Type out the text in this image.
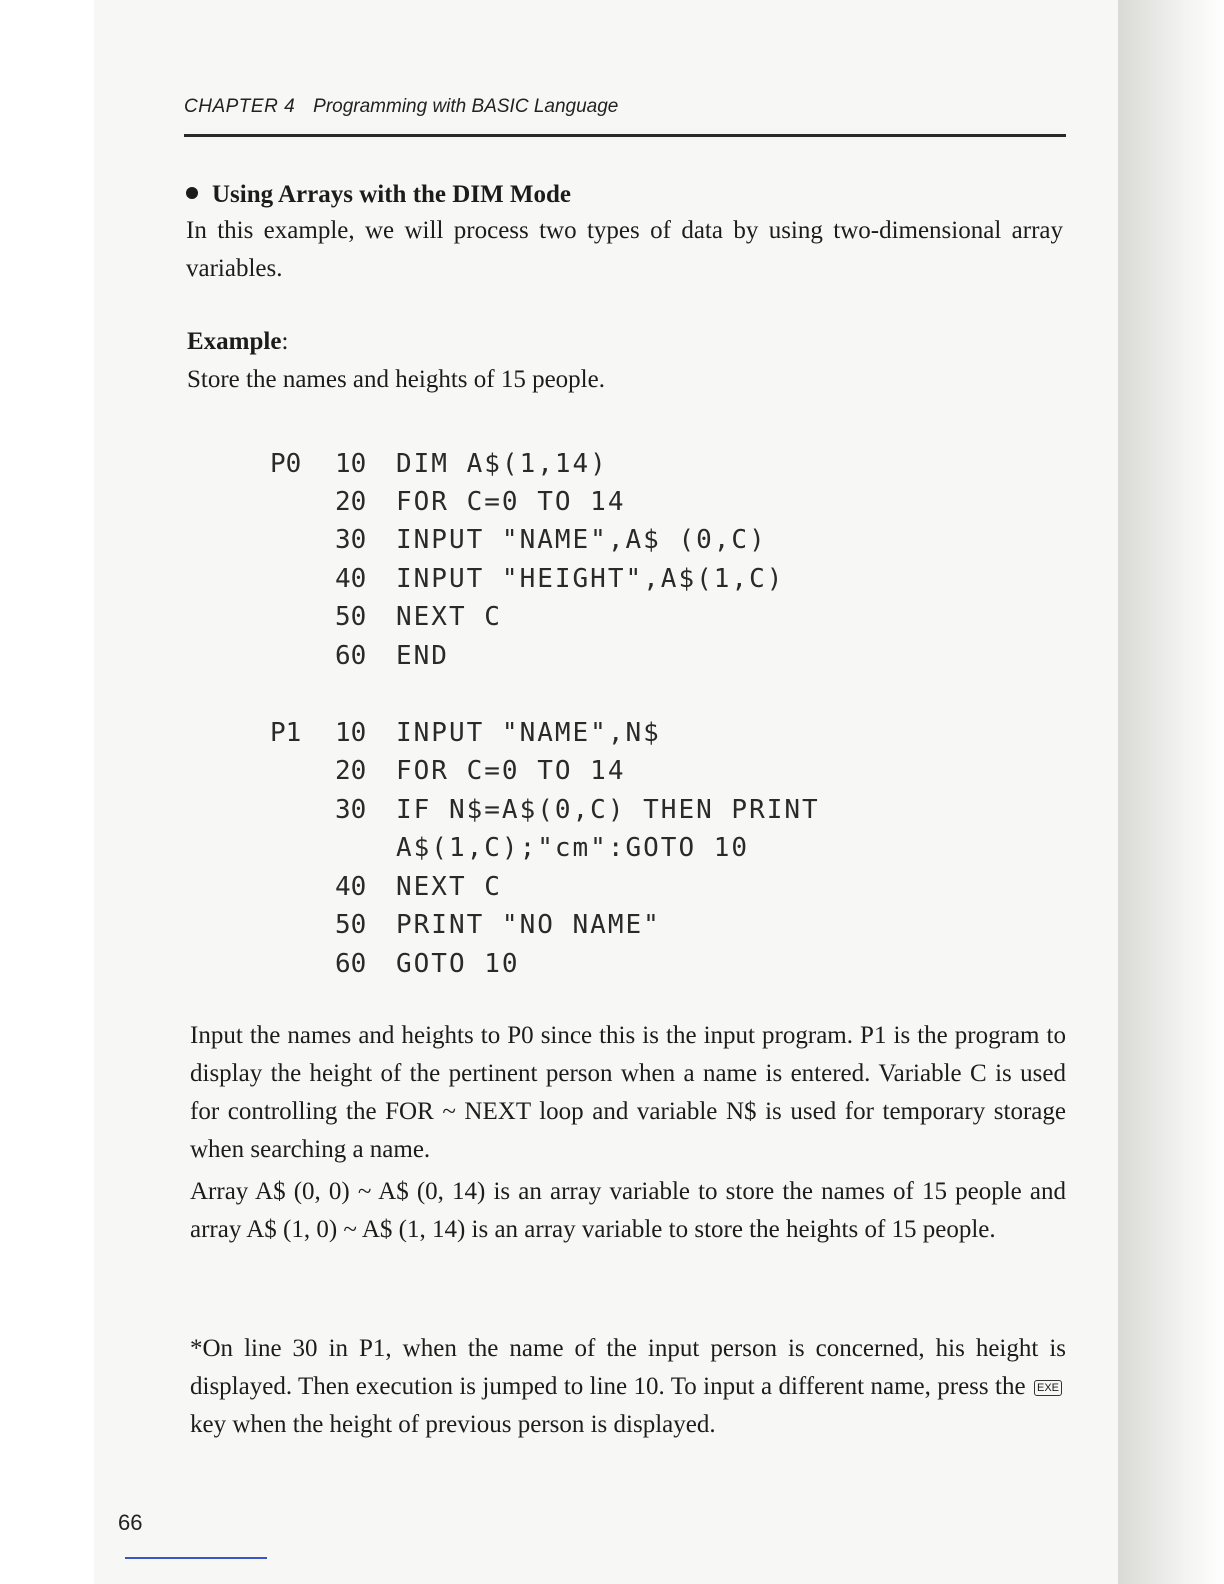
CHAPTER 4 Programming with BASIC Language
Using Arrays with the DIM Mode
In this example, we will process two types of data by using two-dimensional array variables.
Example:
Store the names and heights of 15 people.
P0 10 DIM A$(1,14)
20 FOR C=0 TO 14
30 INPUT "NAME",A$ (0,C)
40 INPUT "HEIGHT",A$(1,C)
50 NEXT C
60 END
P1 10 INPUT "NAME",N$
20 FOR C=0 TO 14
30 IF N$=A$(0,C) THEN PRINT
A$(1,C);"cm":GOTO 10
40 NEXT C
50 PRINT "NO NAME"
60 GOTO 10
Input the names and heights to P0 since this is the input program. P1 is the program to display the height of the pertinent person when a name is entered. Variable C is used for controlling the FOR ~ NEXT loop and variable N$ is used for temporary storage when searching a name.
Array A$ (0, 0) ~ A$ (0, 14) is an array variable to store the names of 15 people and array A$ (1, 0) ~ A$ (1, 14) is an array variable to store the heights of 15 people.
*On line 30 in P1, when the name of the input person is concerned, his height is displayed. Then execution is jumped to line 10. To input a different name, press the EXE key when the height of previous person is displayed.
66
